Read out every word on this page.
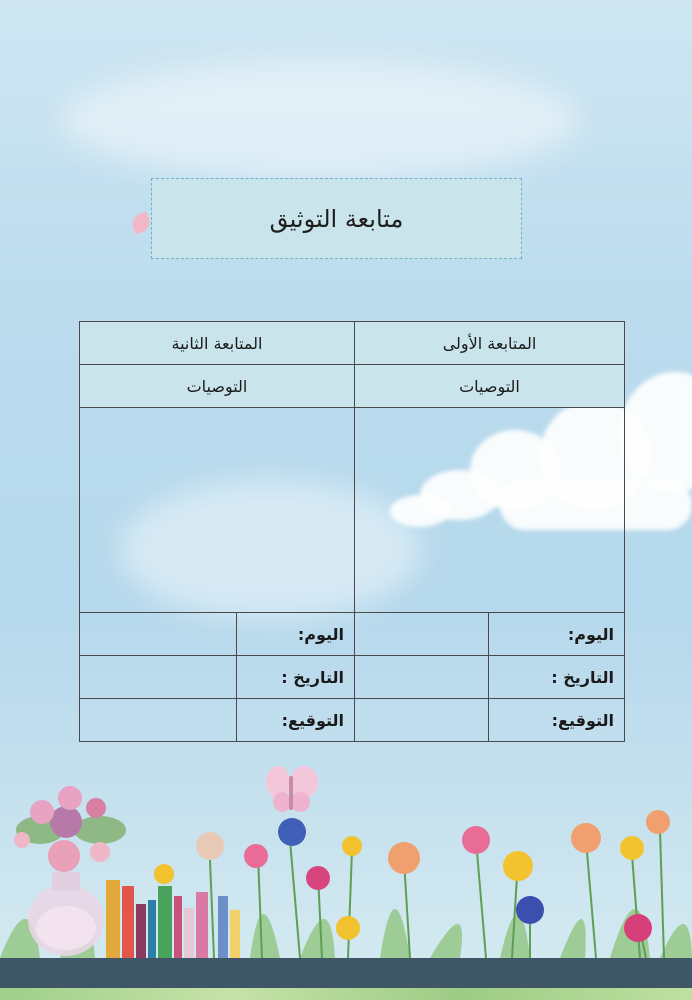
متابعة التوثيق
المتابعة الأولى		المتابعة الثانية	
التوصيات		التوصيات	

اليوم:		اليوم:	
التاريخ :		التاريخ :	
التوقيع:		التوقيع:	
